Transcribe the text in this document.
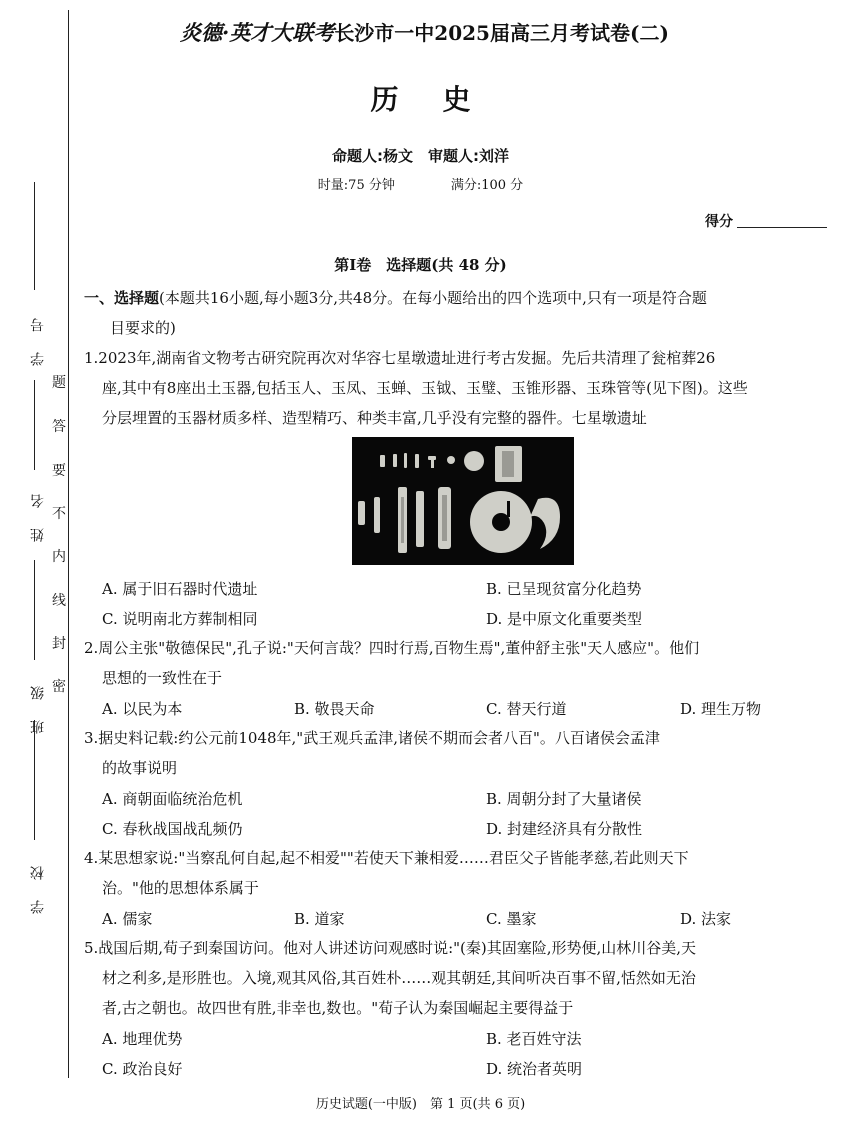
学号
姓名
班级
学校
题
答
要
不
内
线
封
密
炎德·英才大联考长沙市一中2025届高三月考试卷(二)
历史
命题人:杨文　审题人:刘洋
时量:75 分钟	满分:100 分
得分
第Ⅰ卷　选择题(共 48 分)
一、选择题(本题共16小题,每小题3分,共48分。在每小题给出的四个选项中,只有一项是符合题
目要求的)
1.2023年,湖南省文物考古研究院再次对华容七星墩遗址进行考古发掘。先后共清理了瓮棺葬26
座,其中有8座出土玉器,包括玉人、玉凤、玉蝉、玉钺、玉璧、玉锥形器、玉珠管等(见下图)。这些
分层埋置的玉器材质多样、造型精巧、种类丰富,几乎没有完整的器件。七星墩遗址
A. 属于旧石器时代遗址	B. 已呈现贫富分化趋势
C. 说明南北方葬制相同	D. 是中原文化重要类型
2.周公主张"敬德保民",孔子说:"天何言哉？四时行焉,百物生焉",董仲舒主张"天人感应"。他们
思想的一致性在于
A. 以民为本	B. 敬畏天命	C. 替天行道	D. 理生万物
3.据史料记载:约公元前1048年,"武王观兵孟津,诸侯不期而会者八百"。八百诸侯会孟津
的故事说明
A. 商朝面临统治危机	B. 周朝分封了大量诸侯
C. 春秋战国战乱频仍	D. 封建经济具有分散性
4.某思想家说:"当察乱何自起,起不相爱""若使天下兼相爱……君臣父子皆能孝慈,若此则天下
治。"他的思想体系属于
A. 儒家	B. 道家	C. 墨家	D. 法家
5.战国后期,荀子到秦国访问。他对人讲述访问观感时说:"(秦)其固塞险,形势便,山林川谷美,天
材之利多,是形胜也。入境,观其风俗,其百姓朴……观其朝廷,其间听决百事不留,恬然如无治
者,古之朝也。故四世有胜,非幸也,数也。"荀子认为秦国崛起主要得益于
A. 地理优势	B. 老百姓守法
C. 政治良好	D. 统治者英明
历史试题(一中版)　第 1 页(共 6 页)
